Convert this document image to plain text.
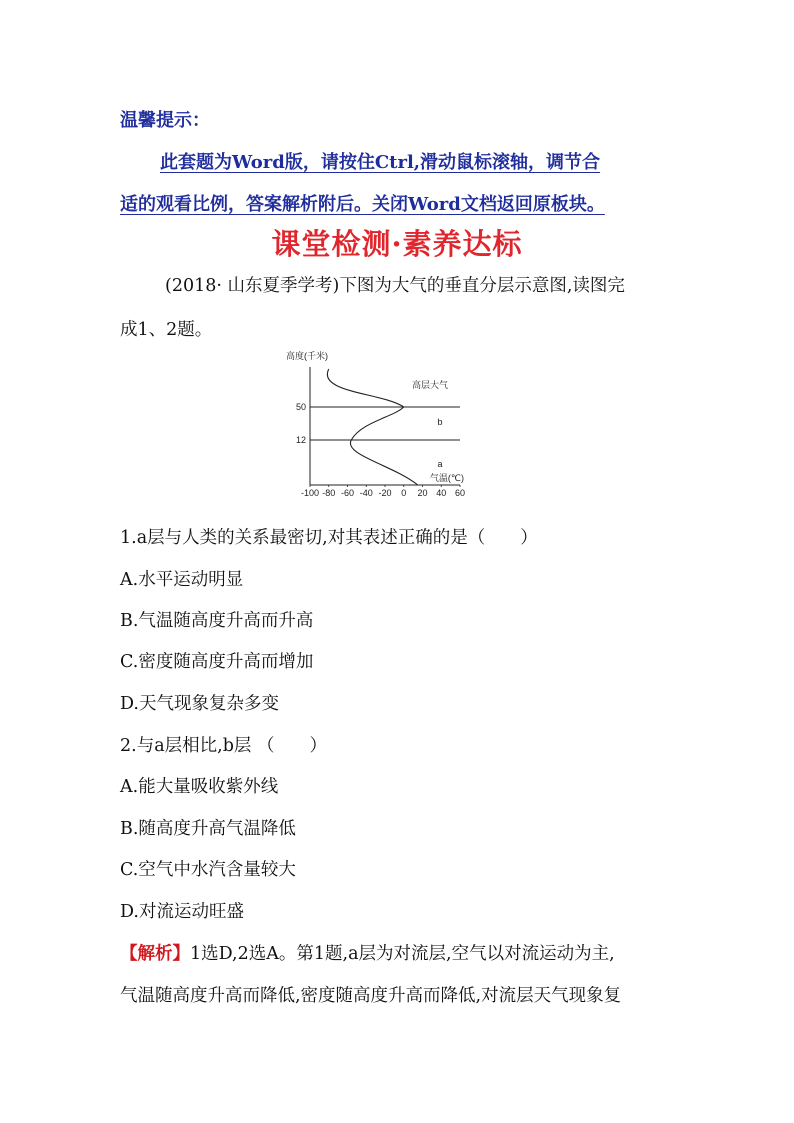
温馨提示：
此套题为Word版，请按住Ctrl,滑动鼠标滚轴，调节合
适的观看比例，答案解析附后。关闭Word文档返回原板块。
课堂检测·素养达标
(2018· 山东夏季学考)下图为大气的垂直分层示意图,读图完
成1、2题。
高度(千米)
50
12
-100 -80 -60 -40 -20 0 20 40 60
气温(℃)
高层大气
b
a
1.a层与人类的关系最密切,对其表述正确的是（　　）
A.水平运动明显
B.气温随高度升高而升高
C.密度随高度升高而增加
D.天气现象复杂多变
2.与a层相比,b层 （　　）
A.能大量吸收紫外线
B.随高度升高气温降低
C.空气中水汽含量较大
D.对流运动旺盛
【解析】1选D,2选A。第1题,a层为对流层,空气以对流运动为主,
气温随高度升高而降低,密度随高度升高而降低,对流层天气现象复
